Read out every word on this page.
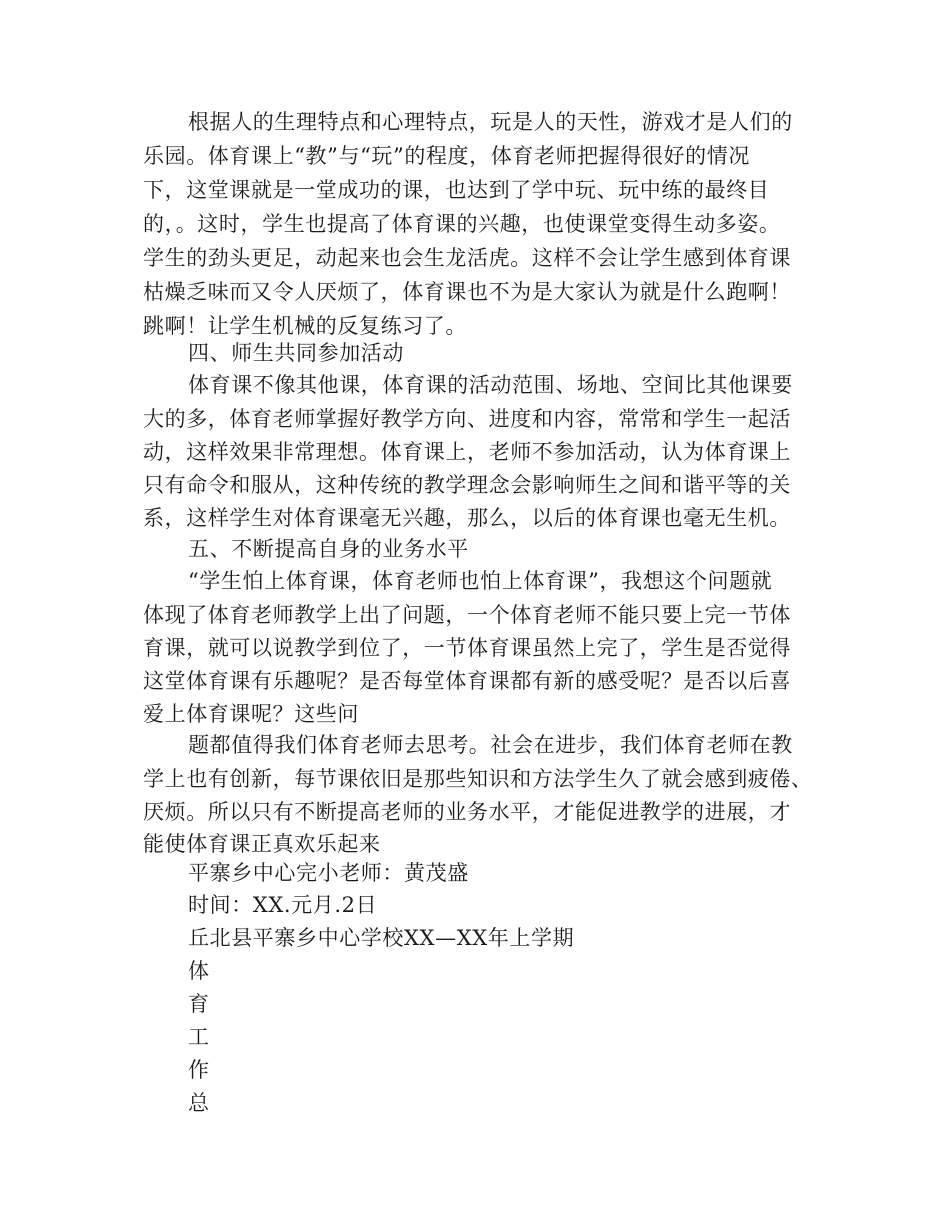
根据人的生理特点和心理特点，玩是人的天性，游戏才是人们的
乐园。体育课上“教”与“玩”的程度，体育老师把握得很好的情况
下，这堂课就是一堂成功的课，也达到了学中玩、玩中练的最终目
的，。这时，学生也提高了体育课的兴趣，也使课堂变得生动多姿。
学生的劲头更足，动起来也会生龙活虎。这样不会让学生感到体育课
枯燥乏味而又令人厌烦了，体育课也不为是大家认为就是什么跑啊！
跳啊！让学生机械的反复练习了。
四、师生共同参加活动
体育课不像其他课，体育课的活动范围、场地、空间比其他课要
大的多，体育老师掌握好教学方向、进度和内容，常常和学生一起活
动，这样效果非常理想。体育课上，老师不参加活动，认为体育课上
只有命令和服从，这种传统的教学理念会影响师生之间和谐平等的关
系，这样学生对体育课毫无兴趣，那么，以后的体育课也毫无生机。
五、不断提高自身的业务水平
“学生怕上体育课，体育老师也怕上体育课”，我想这个问题就
体现了体育老师教学上出了问题，一个体育老师不能只要上完一节体
育课，就可以说教学到位了，一节体育课虽然上完了，学生是否觉得
这堂体育课有乐趣呢？是否每堂体育课都有新的感受呢？是否以后喜
爱上体育课呢？这些问
题都值得我们体育老师去思考。社会在进步，我们体育老师在教
学上也有创新，每节课依旧是那些知识和方法学生久了就会感到疲倦、
厌烦。所以只有不断提高老师的业务水平，才能促进教学的进展，才
能使体育课正真欢乐起来
平寨乡中心完小老师：黄茂盛
时间：XX.元月.2日
丘北县平寨乡中心学校XX—XX年上学期
体
育
工
作
总
